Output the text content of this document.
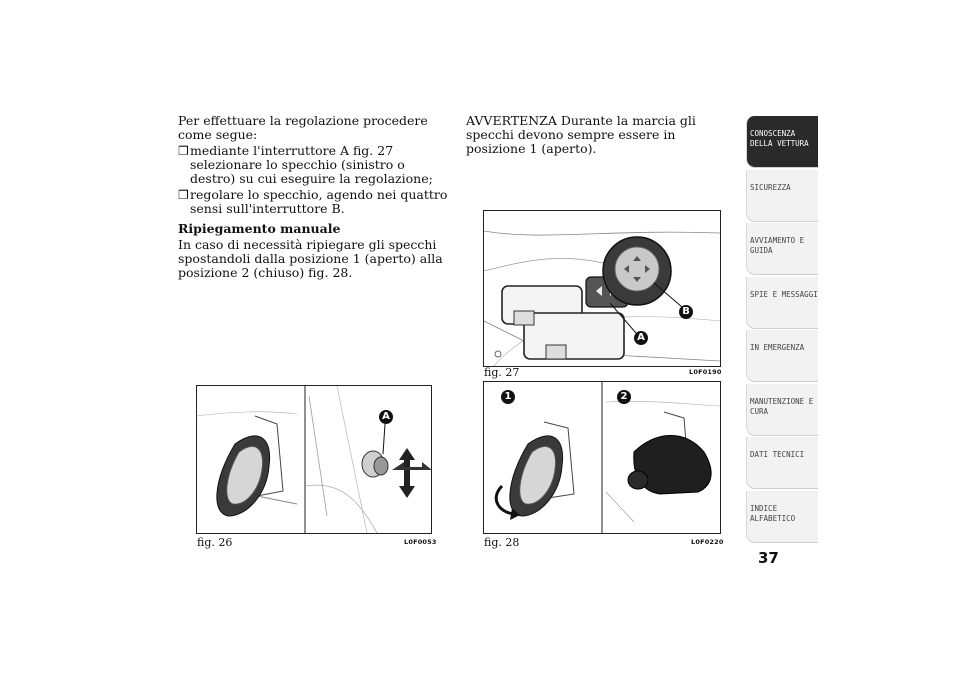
Per effettuare la regolazione procedere come segue:

❒ mediante l'interruttore A fig. 27 selezionare lo specchio (sinistro o destro) su cui eseguire la regolazione;

❒ regolare lo specchio, agendo nei quattro sensi sull'interruttore B.

Ripiegamento manuale

In caso di necessità ripiegare gli specchi spostandoli dalla posizione 1 (aperto) alla posizione 2 (chiuso) fig. 28.

AVVERTENZA Durante la marcia gli specchi devono sempre essere in posizione 1 (aperto).

B
A
fig. 27	L0F0190
A
fig. 26	L0F0053
1	2
fig. 28	L0F0220
CONOSCENZA DELLA VETTURA
SICUREZZA
AVVIAMENTO E GUIDA
SPIE E MESSAGGI
IN EMERGENZA
MANUTENZIONE E CURA
DATI TECNICI
INDICE ALFABETICO
37
